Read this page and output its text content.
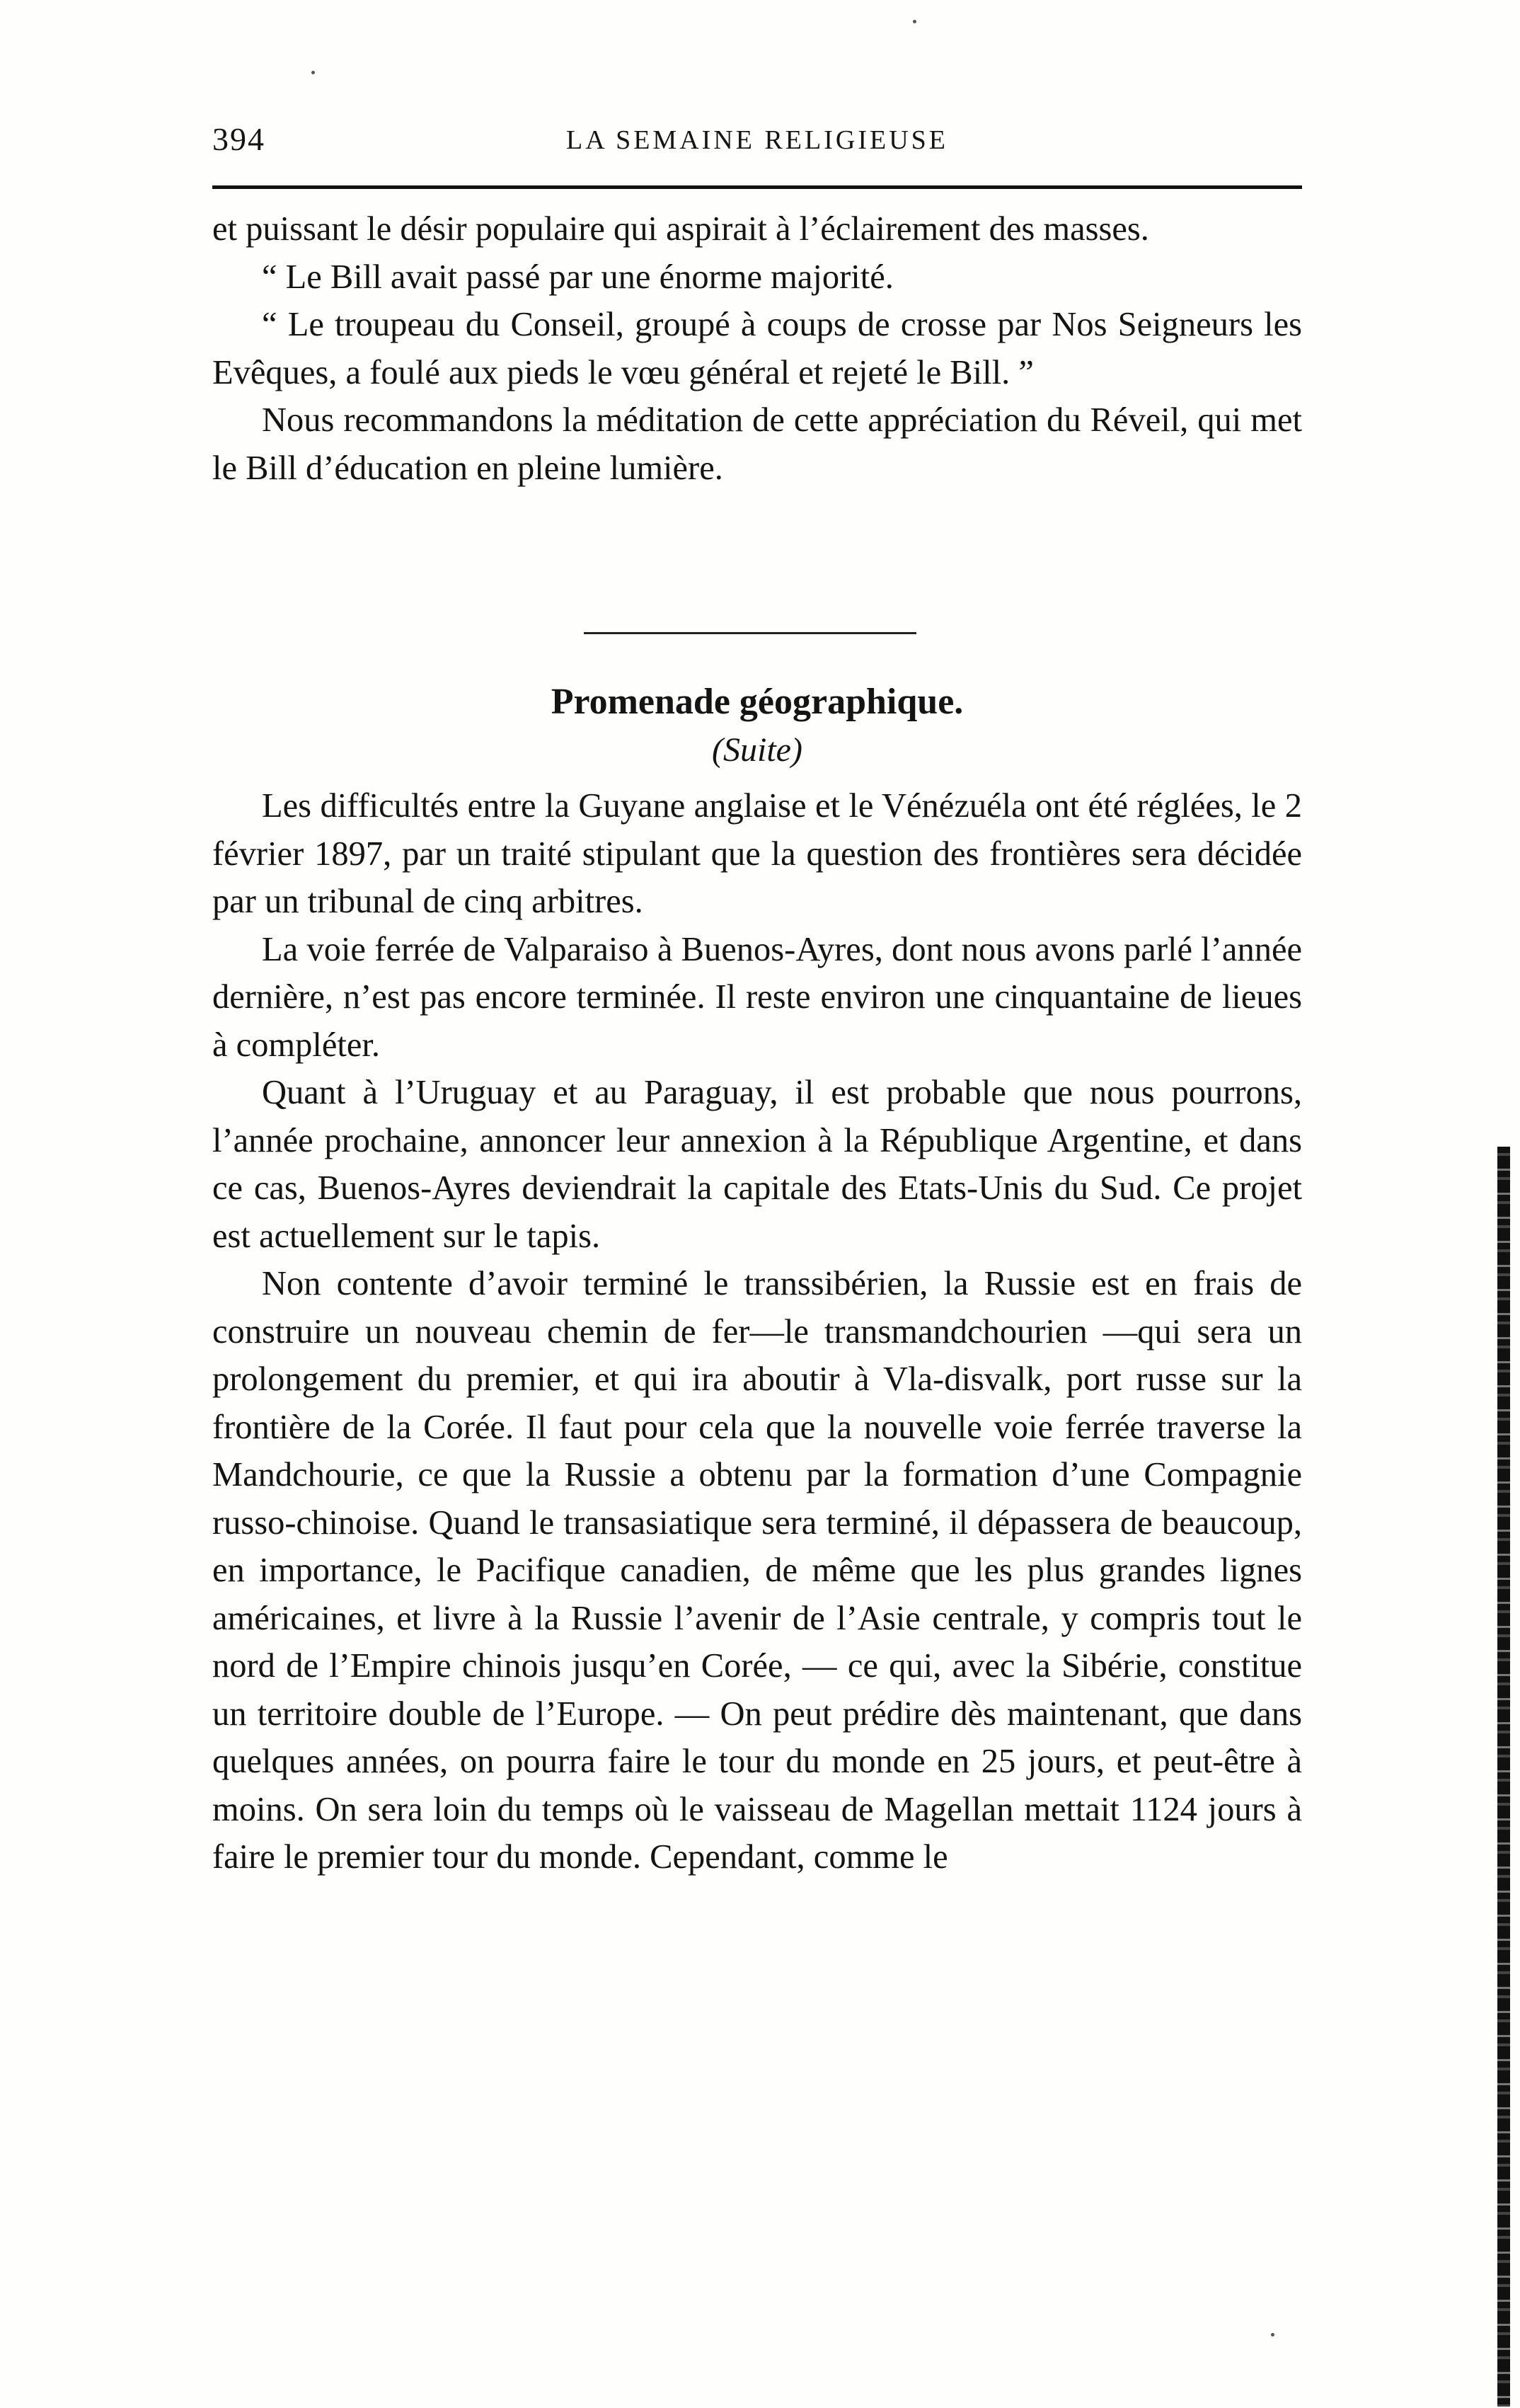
394	LA SEMAINE RELIGIEUSE

et puissant le désir populaire qui aspirait à l’éclairement des masses.

“ Le Bill avait passé par une énorme majorité.

“ Le troupeau du Conseil, groupé à coups de crosse par Nos Seigneurs les Evêques, a foulé aux pieds le vœu général et rejeté le Bill. ”

Nous recommandons la méditation de cette appréciation du Réveil, qui met le Bill d’éducation en pleine lumière.

Promenade géographique.
(Suite)

Les difficultés entre la Guyane anglaise et le Vénézuéla ont été réglées, le 2 février 1897, par un traité stipulant que la question des frontières sera décidée par un tribunal de cinq arbitres.

La voie ferrée de Valparaiso à Buenos-Ayres, dont nous avons parlé l’année dernière, n’est pas encore terminée. Il reste environ une cinquantaine de lieues à compléter.

Quant à l’Uruguay et au Paraguay, il est probable que nous pourrons, l’année prochaine, annoncer leur annexion à la République Argentine, et dans ce cas, Buenos-Ayres deviendrait la capitale des Etats-Unis du Sud. Ce projet est actuellement sur le tapis.

Non contente d’avoir terminé le transsibérien, la Russie est en frais de construire un nouveau chemin de fer—le transmandchourien —qui sera un prolongement du premier, et qui ira aboutir à Vla-disvalk, port russe sur la frontière de la Corée. Il faut pour cela que la nouvelle voie ferrée traverse la Mandchourie, ce que la Russie a obtenu par la formation d’une Compagnie russo-chinoise. Quand le transasiatique sera terminé, il dépassera de beaucoup, en importance, le Pacifique canadien, de même que les plus grandes lignes américaines, et livre à la Russie l’avenir de l’Asie centrale, y compris tout le nord de l’Empire chinois jusqu’en Corée, — ce qui, avec la Sibérie, constitue un territoire double de l’Europe. — On peut prédire dès maintenant, que dans quelques années, on pourra faire le tour du monde en 25 jours, et peut-être à moins. On sera loin du temps où le vaisseau de Magellan mettait 1124 jours à faire le premier tour du monde. Cependant, comme le
